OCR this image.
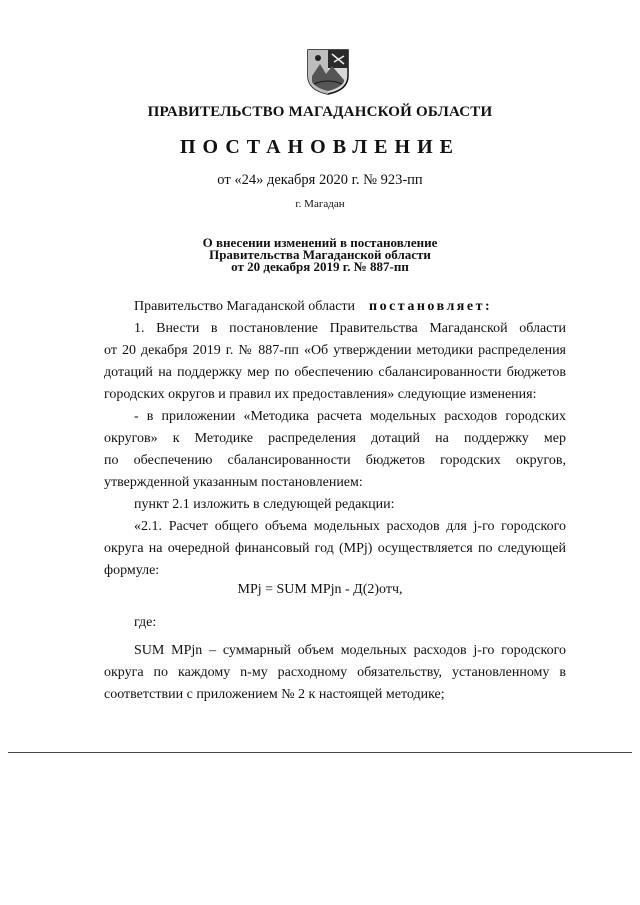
ПРАВИТЕЛЬСТВО МАГАДАНСКОЙ ОБЛАСТИ
ПОСТАНОВЛЕНИЕ
от «24» декабря 2020 г. № 923-пп
г. Магадан
О внесении изменений в постановление
Правительства Магаданской области
от 20 декабря 2019 г. № 887-пп
Правительство Магаданской области постановляет:
1. Внести в постановление Правительства Магаданской области
от 20 декабря 2019 г. № 887-пп «Об утверждении методики распределения
дотаций на поддержку мер по обеспечению сбалансированности бюджетов
городских округов и правил их предоставления» следующие изменения:
- в приложении «Методика расчета модельных расходов городских
округов» к Методике распределения дотаций на поддержку мер
по обеспечению сбалансированности бюджетов городских округов,
утвержденной указанным постановлением:
пункт 2.1 изложить в следующей редакции:
«2.1. Расчет общего объема модельных расходов для j-го городского
округа на очередной финансовый год (MPj) осуществляется по следующей
формуле:
MPj = SUM MPjn - Д(2)отч,
где:
SUM MPjn – суммарный объем модельных расходов j-го городского
округа по каждому n-му расходному обязательству, установленному в
соответствии с приложением № 2 к настоящей методике;
